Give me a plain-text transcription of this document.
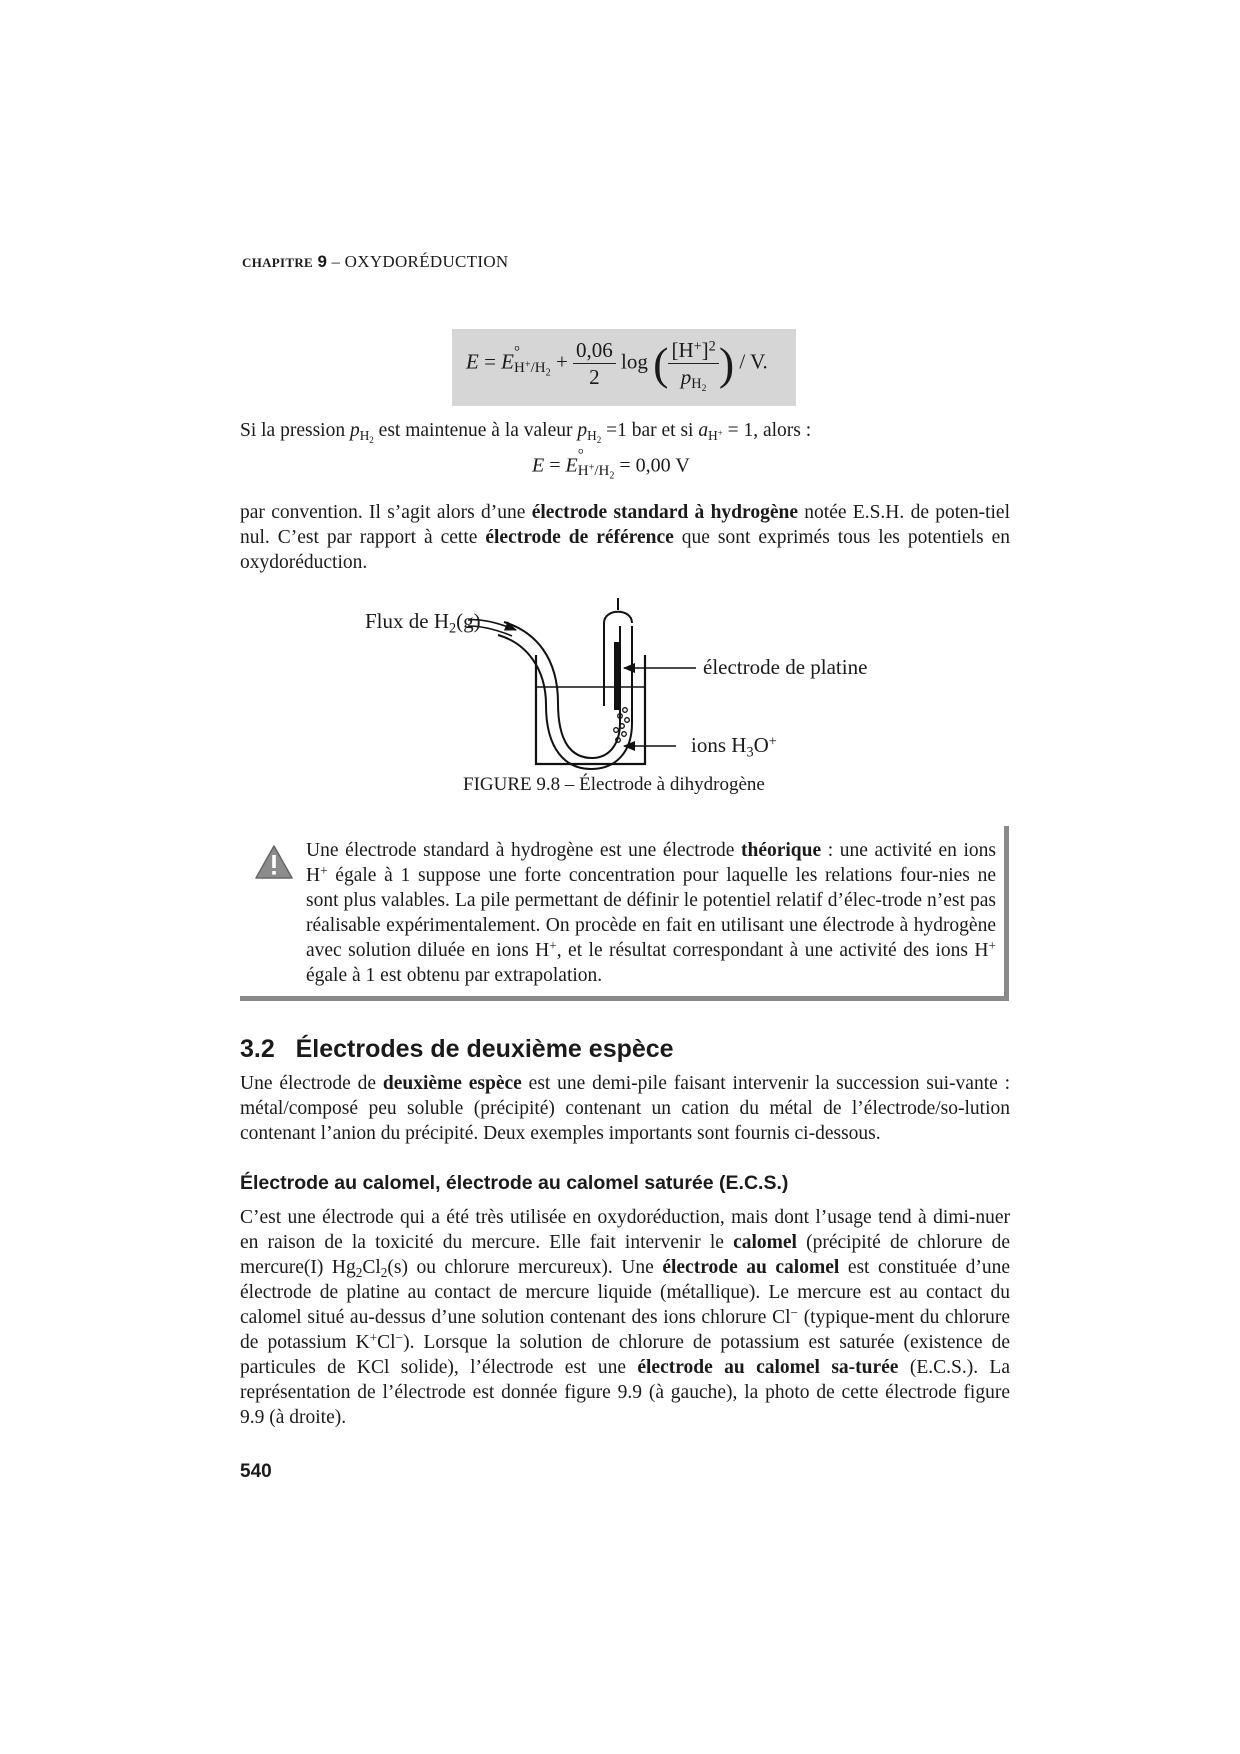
CHAPITRE 9 – OXYDORÉDUCTION
E = E °
$H^+/H_2 + \frac{0,06}{2}$ log ( $\frac{[H^+]^2}{p_{H_2}}$ ) / V.
Si la pression $p_{H_2}$ est maintenue à la valeur $p_{H_2} =1$ bar et si $a_{H^+} = 1$, alors :
E = E °
$H^+/H_2 = 0,00$ V
par convention. Il s’agit alors d’une électrode standard à hydrogène notée E.S.H. de poten-tiel nul. C’est par rapport à cette électrode de référence que sont exprimés tous les potentiels en oxydoréduction.
Flux de $H_2(g)$
électrode de platine
ions $H_3O^+$
FIGURE 9.8 – Électrode à dihydrogène
Une électrode standard à hydrogène est une électrode théorique : une activité en ions H+ égale à 1 suppose une forte concentration pour laquelle les relations four-nies ne sont plus valables. La pile permettant de définir le potentiel relatif d’élec-trode n’est pas réalisable expérimentalement. On procède en fait en utilisant une électrode à hydrogène avec solution diluée en ions H+, et le résultat correspondant à une activité des ions H+ égale à 1 est obtenu par extrapolation.
3.2 Électrodes de deuxième espèce
Une électrode de deuxième espèce est une demi-pile faisant intervenir la succession sui-vante : métal/composé peu soluble (précipité) contenant un cation du métal de l’électrode/so-lution contenant l’anion du précipité. Deux exemples importants sont fournis ci-dessous.
Électrode au calomel, électrode au calomel saturée (E.C.S.)
C’est une électrode qui a été très utilisée en oxydoréduction, mais dont l’usage tend à dimi-nuer en raison de la toxicité du mercure. Elle fait intervenir le calomel (précipité de chlorure de mercure(I) $Hg_2Cl_2(s)$ ou chlorure mercureux). Une électrode au calomel est constituée d’une électrode de platine au contact de mercure liquide (métallique). Le mercure est au contact du calomel situé au-dessus d’une solution contenant des ions chlorure Cl− (typique-ment du chlorure de potassium K+Cl−). Lorsque la solution de chlorure de potassium est saturée (existence de particules de KCl solide), l’électrode est une électrode au calomel sa-turée (E.C.S.). La représentation de l’électrode est donnée figure 9.9 (à gauche), la photo de cette électrode figure 9.9 (à droite).
540
